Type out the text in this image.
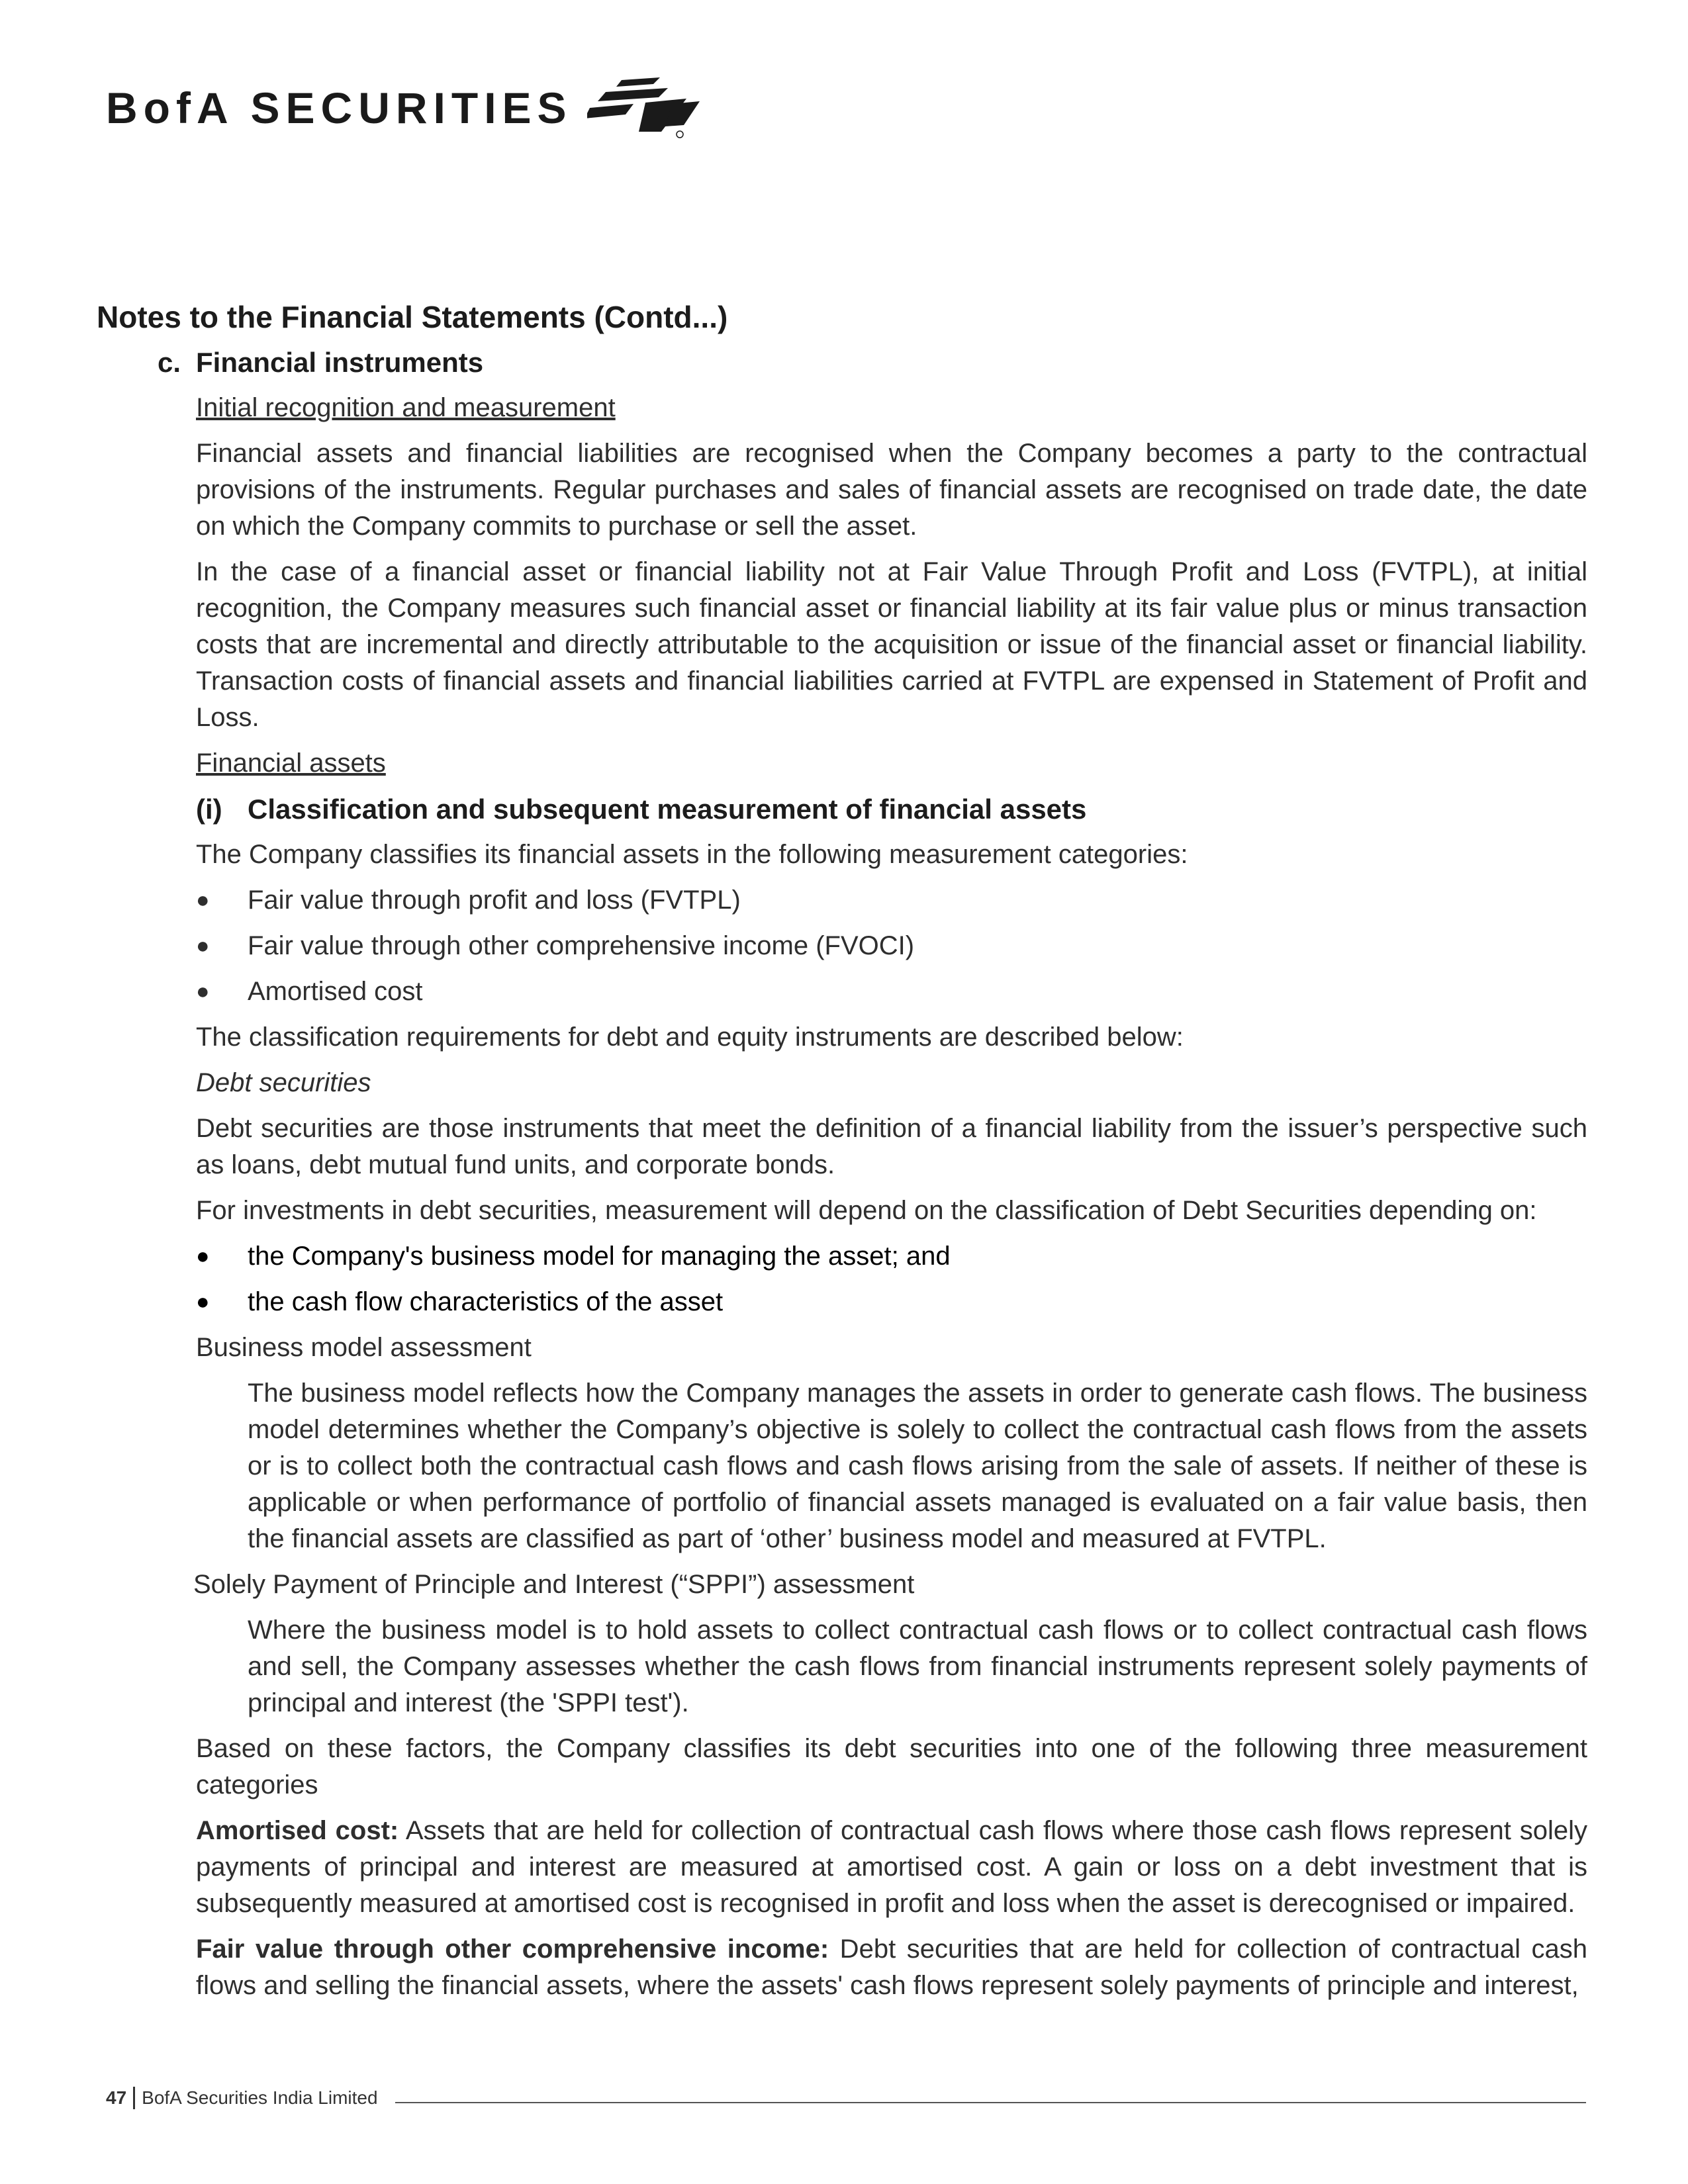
BofA SECURITIES
Notes to the Financial Statements (Contd...)
c. Financial instruments
Initial recognition and measurement

Financial assets and financial liabilities are recognised when the Company becomes a party to the contractual provisions of the instruments. Regular purchases and sales of financial assets are recognised on trade date, the date on which the Company commits to purchase or sell the asset.

In the case of a financial asset or financial liability not at Fair Value Through Profit and Loss (FVTPL), at initial recognition, the Company measures such financial asset or financial liability at its fair value plus or minus transaction costs that are incremental and directly attributable to the acquisition or issue of the financial asset or financial liability. Transaction costs of financial assets and financial liabilities carried at FVTPL are expensed in Statement of Profit and Loss.

Financial assets
(i) Classification and subsequent measurement of financial assets

The Company classifies its financial assets in the following measurement categories:

●	Fair value through profit and loss (FVTPL)
●	Fair value through other comprehensive income (FVOCI)
●	Amortised cost

The classification requirements for debt and equity instruments are described below:

Debt securities

Debt securities are those instruments that meet the definition of a financial liability from the issuer’s perspective such as loans, debt mutual fund units, and corporate bonds.

For investments in debt securities, measurement will depend on the classification of Debt Securities depending on:

●	the Company's business model for managing the asset; and
●	the cash flow characteristics of the asset

Business model assessment

The business model reflects how the Company manages the assets in order to generate cash flows. The business model determines whether the Company’s objective is solely to collect the contractual cash flows from the assets or is to collect both the contractual cash flows and cash flows arising from the sale of assets. If neither of these is applicable or when performance of portfolio of financial assets managed is evaluated on a fair value basis, then the financial assets are classified as part of ‘other’ business model and measured at FVTPL.

Solely Payment of Principle and Interest (“SPPI”) assessment

Where the business model is to hold assets to collect contractual cash flows or to collect contractual cash flows and sell, the Company assesses whether the cash flows from financial instruments represent solely payments of principal and interest (the 'SPPI test').

Based on these factors, the Company classifies its debt securities into one of the following three measurement categories

Amortised cost: Assets that are held for collection of contractual cash flows where those cash flows represent solely payments of principal and interest are measured at amortised cost. A gain or loss on a debt investment that is subsequently measured at amortised cost is recognised in profit and loss when the asset is derecognised or impaired.

Fair value through other comprehensive income: Debt securities that are held for collection of contractual cash flows and selling the financial assets, where the assets' cash flows represent solely payments of principle and interest,

47 BofA Securities India Limited
